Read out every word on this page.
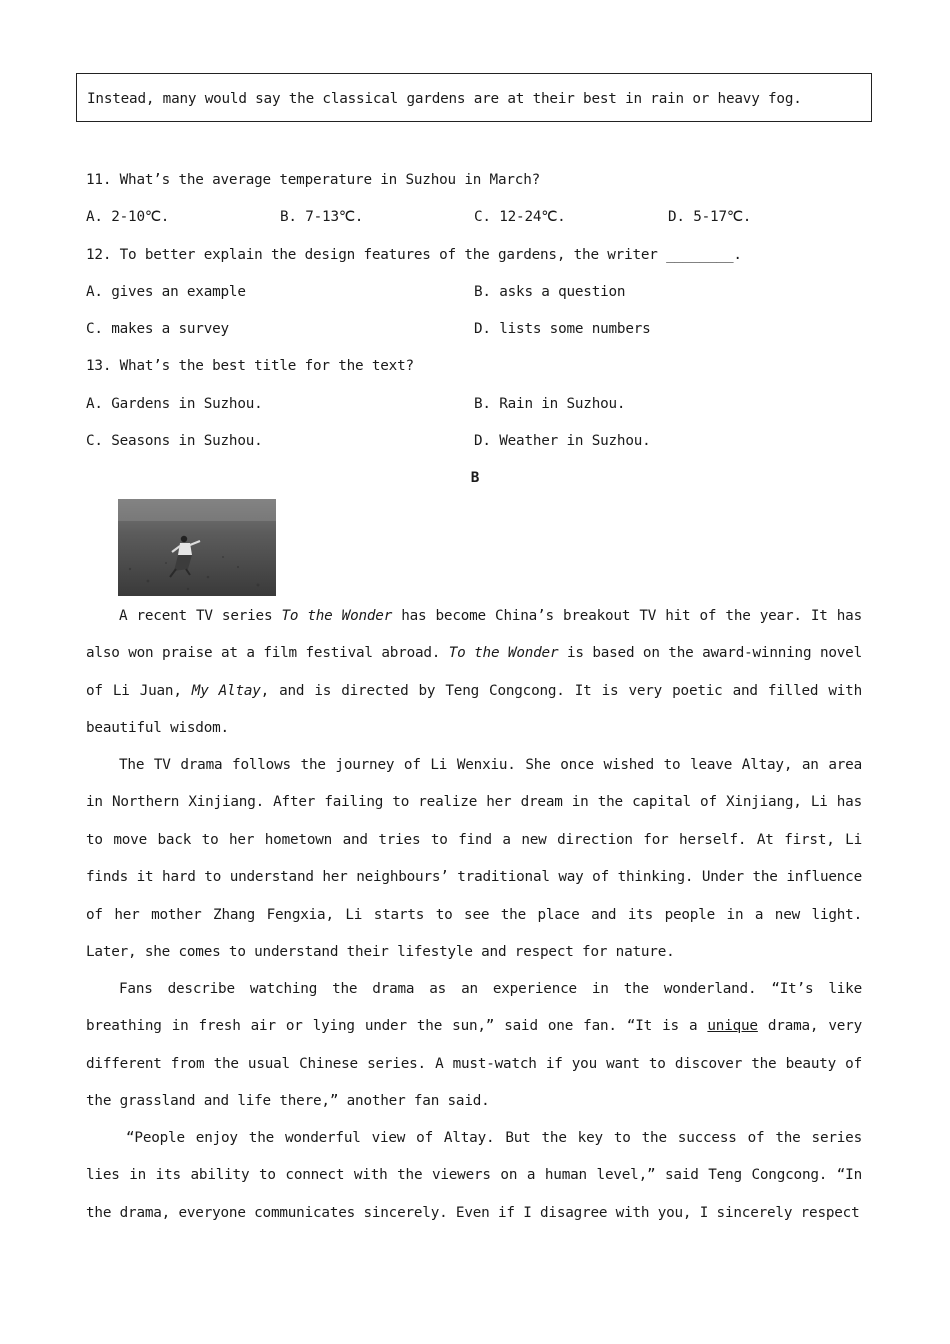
Instead, many would say the classical gardens are at their best in rain or heavy fog.

11. What’s the average temperature in Suzhou in March?

A. 2-10℃.	B. 7-13℃.	C. 12-24℃.	D. 5-17℃.

12. To better explain the design features of the gardens, the writer ________.

A. gives an example	B. asks a question
C. makes a survey	D. lists some numbers

13. What’s the best title for the text?

A. Gardens in Suzhou.	B. Rain in Suzhou.
C. Seasons in Suzhou.	D. Weather in Suzhou.
B

A recent TV series To the Wonder has become China’s breakout TV hit of the year. It has also won praise at a film festival abroad. To the Wonder is based on the award-winning novel of Li Juan, My Altay, and is directed by Teng Congcong. It is very poetic and filled with beautiful wisdom.

The TV drama follows the journey of Li Wenxiu. She once wished to leave Altay, an area in Northern Xinjiang. After failing to realize her dream in the capital of Xinjiang, Li has to move back to her hometown and tries to find a new direction for herself. At first, Li finds it hard to understand her neighbours’ traditional way of thinking. Under the influence of her mother Zhang Fengxia, Li starts to see the place and its people in a new light. Later, she comes to understand their lifestyle and respect for nature.

Fans describe watching the drama as an experience in the wonderland. “It’s like breathing in fresh air or lying under the sun,” said one fan. “It is a unique drama, very different from the usual Chinese series. A must-watch if you want to discover the beauty of the grassland and life there,” another fan said.

“People enjoy the wonderful view of Altay. But the key to the success of the series lies in its ability to connect with the viewers on a human level,” said Teng Congcong. “In the drama, everyone communicates sincerely. Even if I disagree with you, I sincerely respect
